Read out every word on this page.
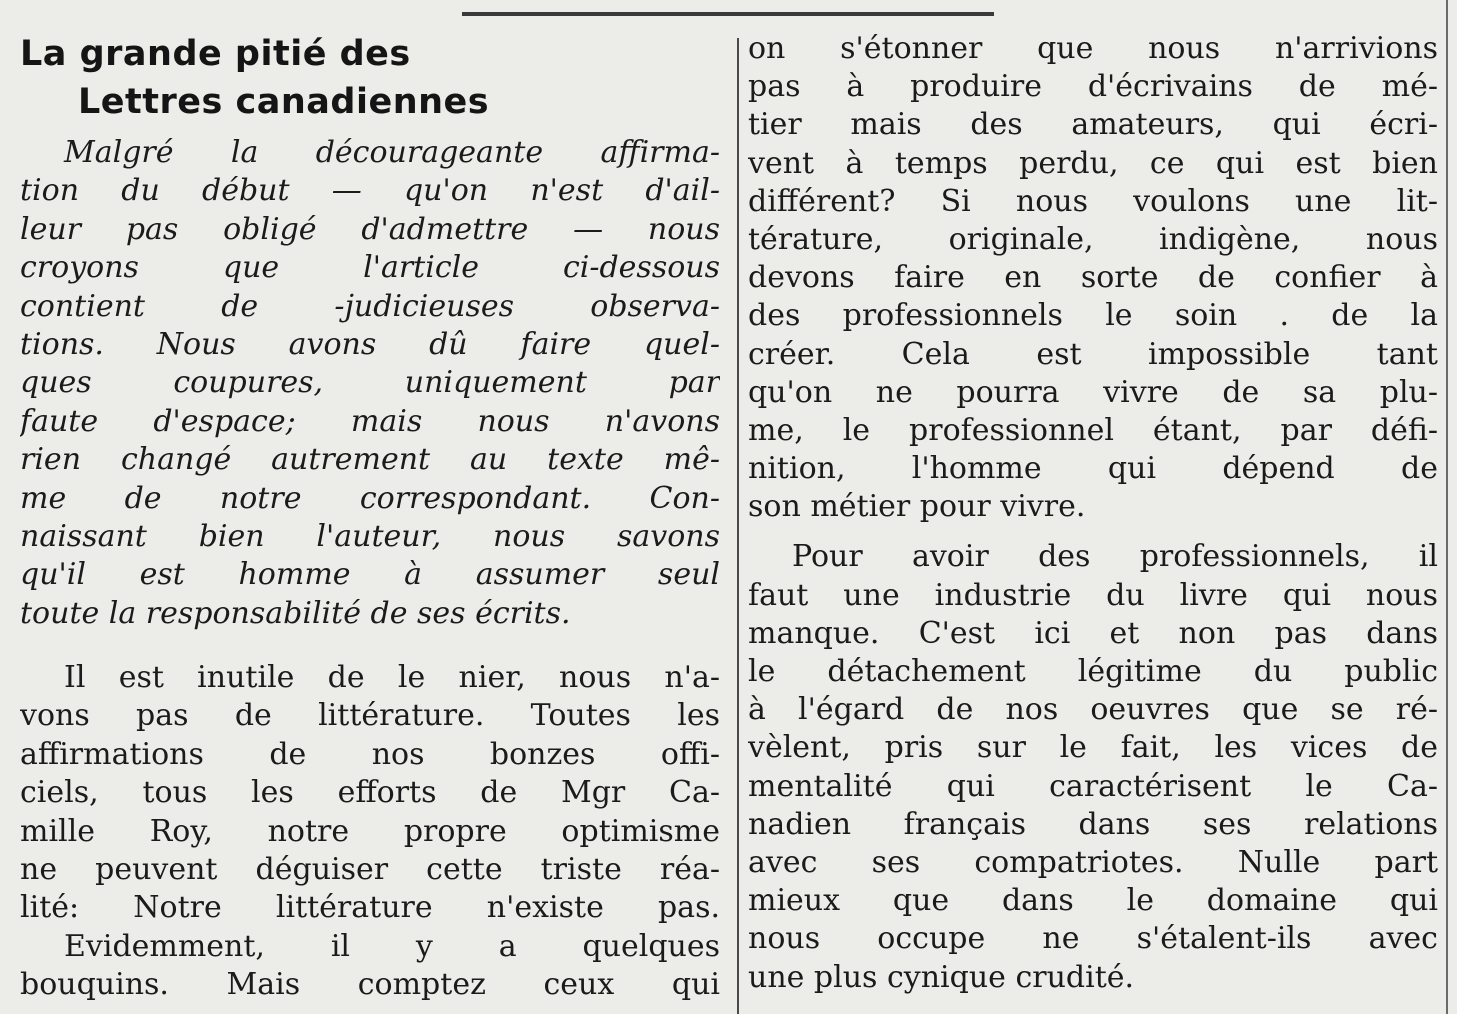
La grande pitié des
Lettres canadiennes
Malgré la décourageante affirma-
tion du début — qu'on n'est d'ail-
leur pas obligé d'admettre — nous
croyons que l'article ci-dessous
contient de -judicieuses observa-
tions. Nous avons dû faire quel-
ques coupures, uniquement par
faute d'espace; mais nous n'avons
rien changé autrement au texte mê-
me de notre correspondant. Con-
naissant bien l'auteur, nous savons
qu'il est homme à assumer seul
toute la responsabilité de ses écrits.
Il est inutile de le nier, nous n'a-
vons pas de littérature. Toutes les
affirmations de nos bonzes offi-
ciels, tous les efforts de Mgr Ca-
mille Roy, notre propre optimisme
ne peuvent déguiser cette triste réa-
lité: Notre littérature n'existe pas.
Evidemment, il y a quelques
bouquins. Mais comptez ceux qui
on s'étonner que nous n'arrivions
pas à produire d'écrivains de mé-
tier mais des amateurs, qui écri-
vent à temps perdu, ce qui est bien
différent? Si nous voulons une lit-
térature, originale, indigène, nous
devons faire en sorte de confier à
des professionnels le soin . de la
créer. Cela est impossible tant
qu'on ne pourra vivre de sa plu-
me, le professionnel étant, par défi-
nition, l'homme qui dépend de
son métier pour vivre.
Pour avoir des professionnels, il
faut une industrie du livre qui nous
manque. C'est ici et non pas dans
le détachement légitime du public
à l'égard de nos oeuvres que se ré-
vèlent, pris sur le fait, les vices de
mentalité qui caractérisent le Ca-
nadien français dans ses relations
avec ses compatriotes. Nulle part
mieux que dans le domaine qui
nous occupe ne s'étalent-ils avec
une plus cynique crudité.
